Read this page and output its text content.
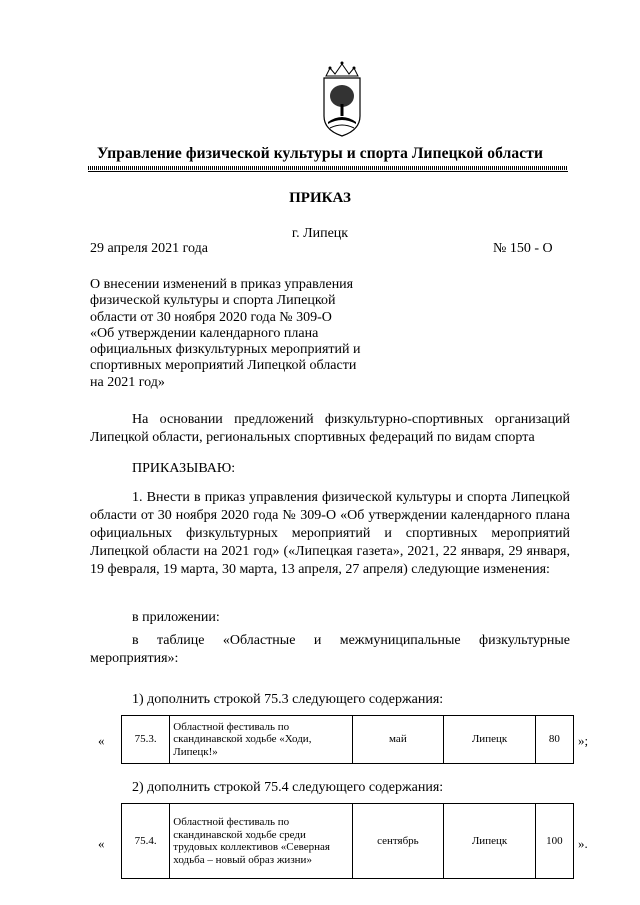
Управление физической культуры и спорта Липецкой области
ПРИКАЗ
г. Липецк
29 апреля 2021 года	№ 150 - О
О внесении изменений в приказ управления
физической культуры и спорта Липецкой
области от 30 ноября 2020 года № 309-О
«Об утверждении календарного плана
официальных физкультурных мероприятий и
спортивных мероприятий Липецкой области
на 2021 год»
На основании предложений физкультурно-спортивных организаций Липецкой области, региональных спортивных федераций по видам спорта
ПРИКАЗЫВАЮ:
1. Внести в приказ управления физической культуры и спорта Липецкой области от 30 ноября 2020 года № 309-О «Об утверждении календарного плана официальных физкультурных мероприятий и спортивных мероприятий Липецкой области на 2021 год» («Липецкая газета», 2021, 22 января, 29 января, 19 февраля, 19 марта, 30 марта, 13 апреля, 27 апреля) следующие изменения:
в приложении:
в таблице «Областные и межмуниципальные физкультурные мероприятия»:
1) дополнить строкой 75.3 следующего содержания:
«
		75.3.	Областной фестиваль по скандинавской ходьбе «Ходи, Липецк!»	май	Липецк	80 »;
2) дополнить строкой 75.4 следующего содержания:
«
		75.4.	Областной фестиваль по скандинавской ходьбе среди трудовых коллективов «Северная ходьба – новый образ жизни»	сентябрь	Липецк	100 ».
